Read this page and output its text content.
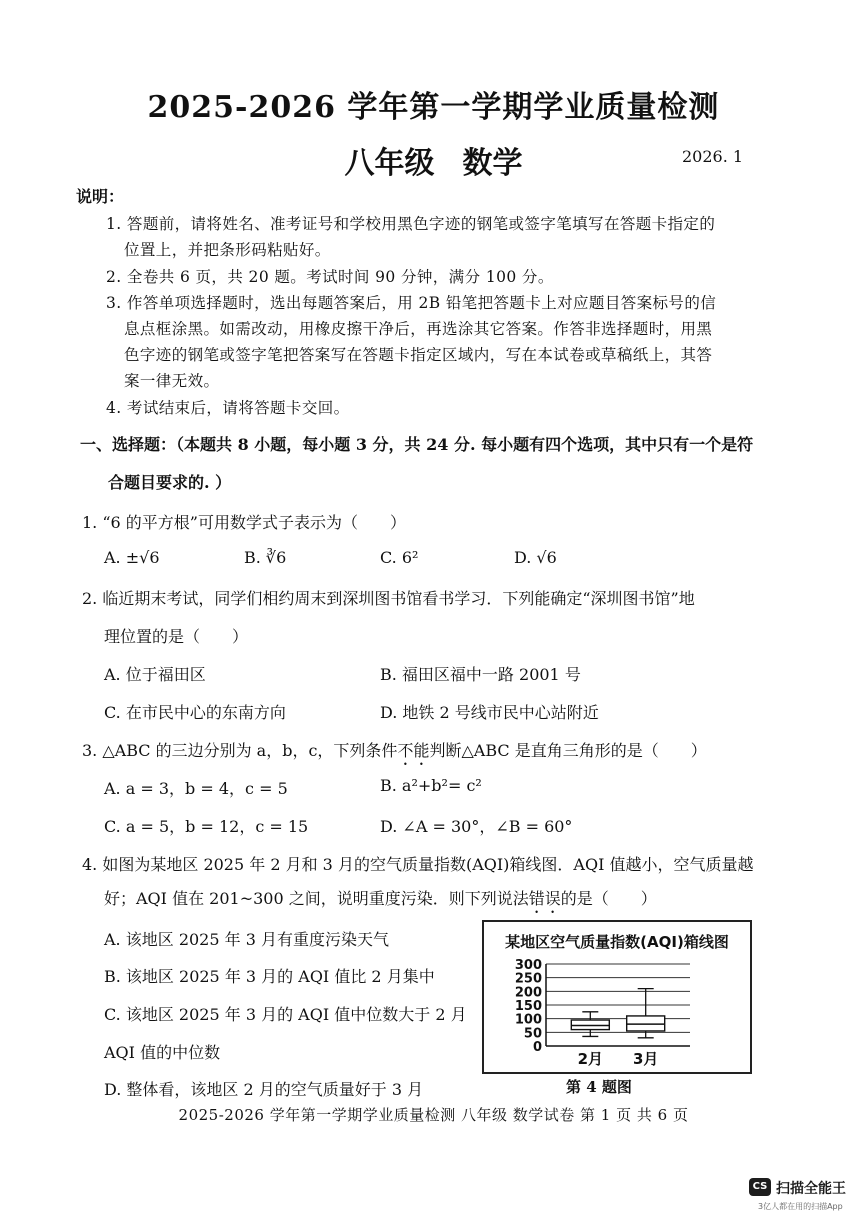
2025-2026 学年第一学期学业质量检测
八年级 数学	2026. 1
说明：
1. 答题前，请将姓名、准考证号和学校用黑色字迹的钢笔或签字笔填写在答题卡指定的
位置上，并把条形码粘贴好。
2. 全卷共 6 页，共 20 题。考试时间 90 分钟，满分 100 分。
3. 作答单项选择题时，选出每题答案后，用 2B 铅笔把答题卡上对应题目答案标号的信
息点框涂黑。如需改动，用橡皮擦干净后，再选涂其它答案。作答非选择题时，用黑
色字迹的钢笔或签字笔把答案写在答题卡指定区域内，写在本试卷或草稿纸上，其答
案一律无效。
4. 考试结束后，请将答题卡交回。
一、选择题：（本题共 8 小题，每小题 3 分，共 24 分. 每小题有四个选项，其中只有一个是符
合题目要求的. ）
1. “6 的平方根”可用数学式子表示为（　　）
A. ±√6	B. ∛6	C. 6²	D. √6
2. 临近期末考试，同学们相约周末到深圳图书馆看书学习．下列能确定“深圳图书馆”地
理位置的是（　　）
A. 位于福田区	B. 福田区福中一路 2001 号
C. 在市民中心的东南方向	D. 地铁 2 号线市民中心站附近
3. △ABC 的三边分别为 a，b，c，下列条件不能判断△ABC 是直角三角形的是（　　）
A. a = 3，b = 4，c = 5	B. a²+b²= c²
C. a = 5，b = 12，c = 15	D. ∠A = 30°，∠B = 60°
4. 如图为某地区 2025 年 2 月和 3 月的空气质量指数(AQI)箱线图．AQI 值越小，空气质量越
好；AQI 值在 201~300 之间，说明重度污染．则下列说法错误的是（　　）
A. 该地区 2025 年 3 月有重度污染天气
B. 该地区 2025 年 3 月的 AQI 值比 2 月集中
C. 该地区 2025 年 3 月的 AQI 值中位数大于 2 月
AQI 值的中位数
D. 整体看，该地区 2 月的空气质量好于 3 月
某地区空气质量指数(AQI)箱线图
0
50
100
150
200
250
300
2月 3月
第 4 题图
2025-2026 学年第一学期学业质量检测 八年级 数学试卷 第 1 页 共 6 页
CS 扫描全能王
3亿人都在用的扫描App
